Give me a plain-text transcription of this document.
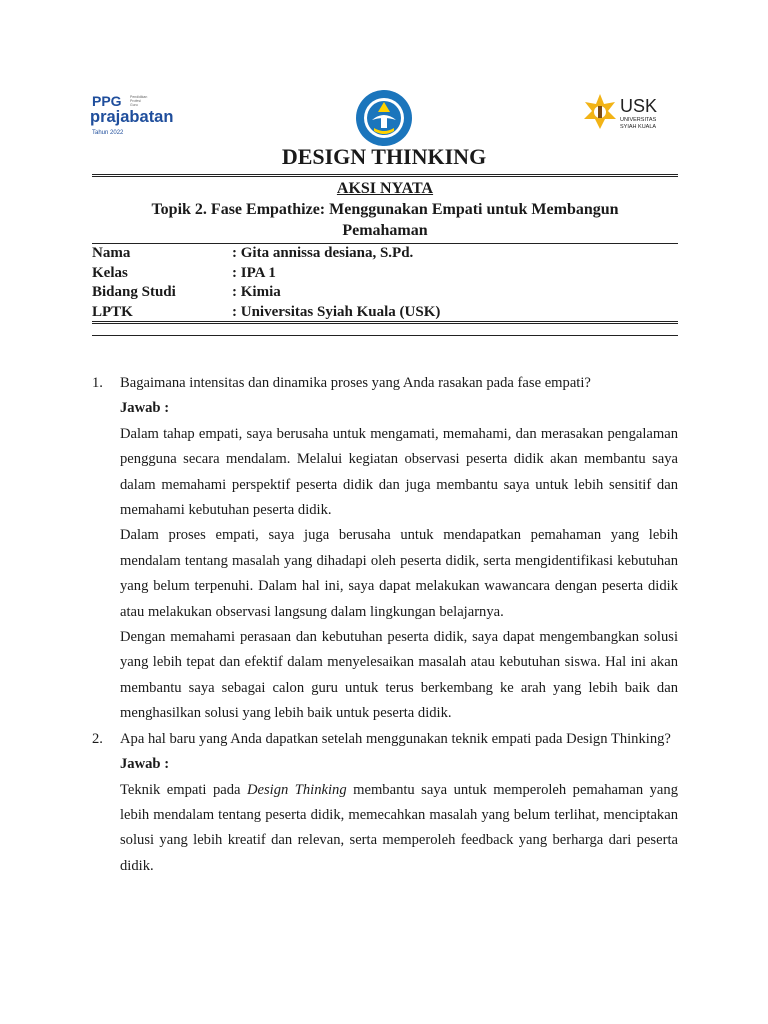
PPG Pendidikan
Profesi
Guru
prajabatan
Tahun 2022
USK
UNIVERSITAS
SYIAH KUALA
DESIGN THINKING
AKSI NYATA
Topik 2. Fase Empathize: Menggunakan Empati untuk Membangun
Pemahaman
Nama	: Gita annissa desiana, S.Pd.
Kelas	: IPA 1
Bidang Studi	: Kimia
LPTK	: Universitas Syiah Kuala (USK)
1.	Bagaimana intensitas dan dinamika proses yang Anda rasakan pada fase empati?
Jawab :
Dalam tahap empati, saya berusaha untuk mengamati, memahami, dan merasakan pengalaman pengguna secara mendalam. Melalui kegiatan observasi peserta didik akan membantu saya dalam memahami perspektif peserta didik dan juga membantu saya untuk lebih sensitif dan memahami kebutuhan peserta didik.
Dalam proses empati, saya juga berusaha untuk mendapatkan pemahaman yang lebih mendalam tentang masalah yang dihadapi oleh peserta didik, serta mengidentifikasi kebutuhan yang belum terpenuhi. Dalam hal ini, saya dapat melakukan wawancara dengan peserta didik atau melakukan observasi langsung dalam lingkungan belajarnya.
Dengan memahami perasaan dan kebutuhan peserta didik, saya dapat mengembangkan solusi yang lebih tepat dan efektif dalam menyelesaikan masalah atau kebutuhan siswa. Hal ini akan membantu saya sebagai calon guru untuk terus berkembang ke arah yang lebih baik dan menghasilkan solusi yang lebih baik untuk peserta didik.
2.	Apa hal baru yang Anda dapatkan setelah menggunakan teknik empati pada Design Thinking?
Jawab :
Teknik empati pada Design Thinking membantu saya untuk memperoleh pemahaman yang lebih mendalam tentang peserta didik, memecahkan masalah yang belum terlihat, menciptakan solusi yang lebih kreatif dan relevan, serta memperoleh feedback yang berharga dari peserta didik.
